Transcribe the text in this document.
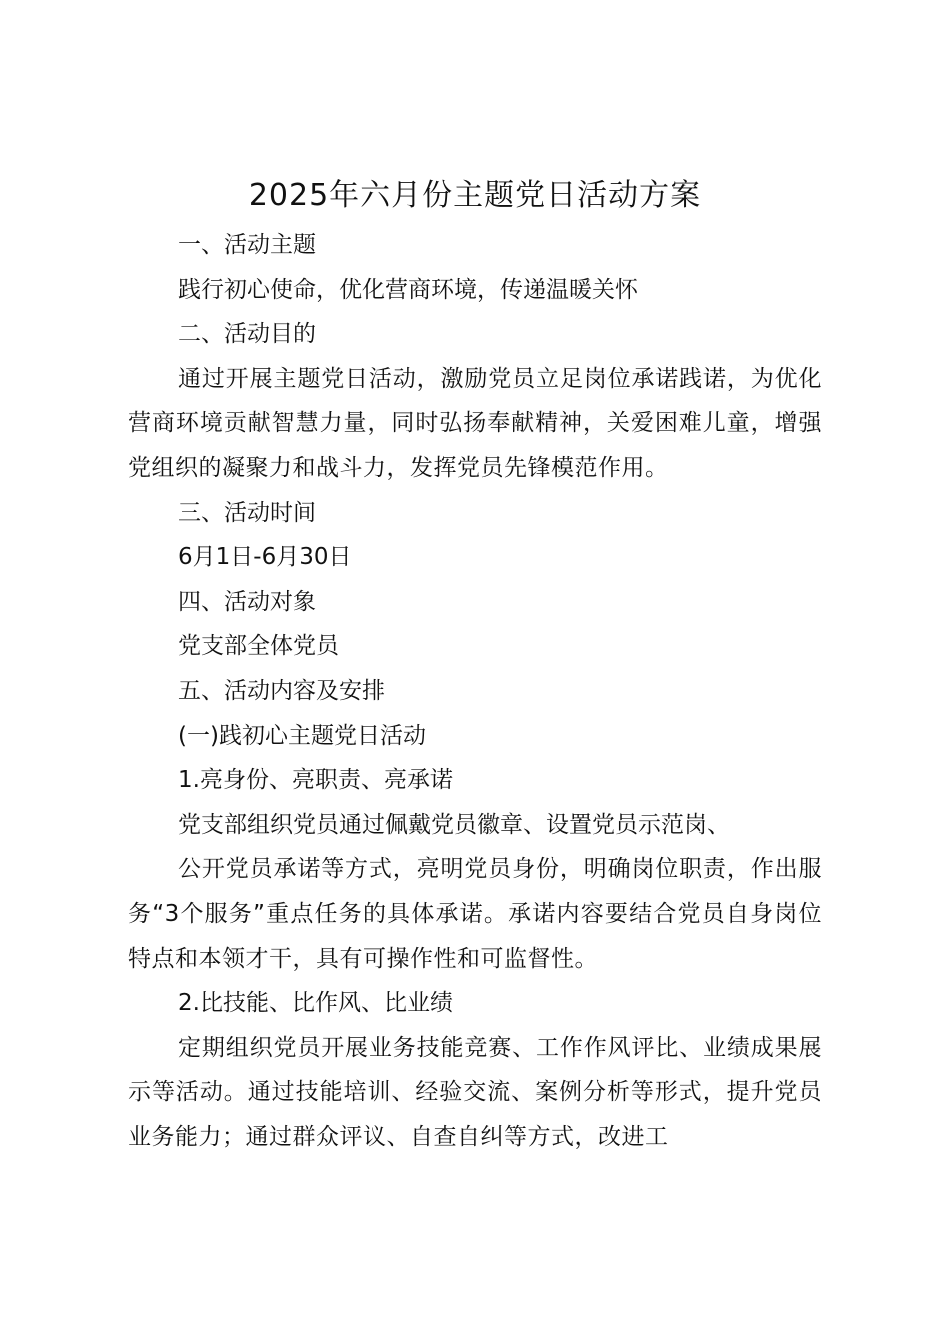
2025年六月份主题党日活动方案

一、活动主题

践行初心使命，优化营商环境，传递温暖关怀

二、活动目的

通过开展主题党日活动，激励党员立足岗位承诺践诺，为优化营商环境贡献智慧力量，同时弘扬奉献精神，关爱困难儿童，增强党组织的凝聚力和战斗力，发挥党员先锋模范作用。

三、活动时间

6月1日-6月30日

四、活动对象

党支部全体党员

五、活动内容及安排

(一)践初心主题党日活动

1.亮身份、亮职责、亮承诺

党支部组织党员通过佩戴党员徽章、设置党员示范岗、

公开党员承诺等方式，亮明党员身份，明确岗位职责，作出服务“3个服务”重点任务的具体承诺。承诺内容要结合党员自身岗位特点和本领才干，具有可操作性和可监督性。

2.比技能、比作风、比业绩

定期组织党员开展业务技能竞赛、工作作风评比、业绩成果展示等活动。通过技能培训、经验交流、案例分析等形式，提升党员业务能力；通过群众评议、自查自纠等方式，改进工
